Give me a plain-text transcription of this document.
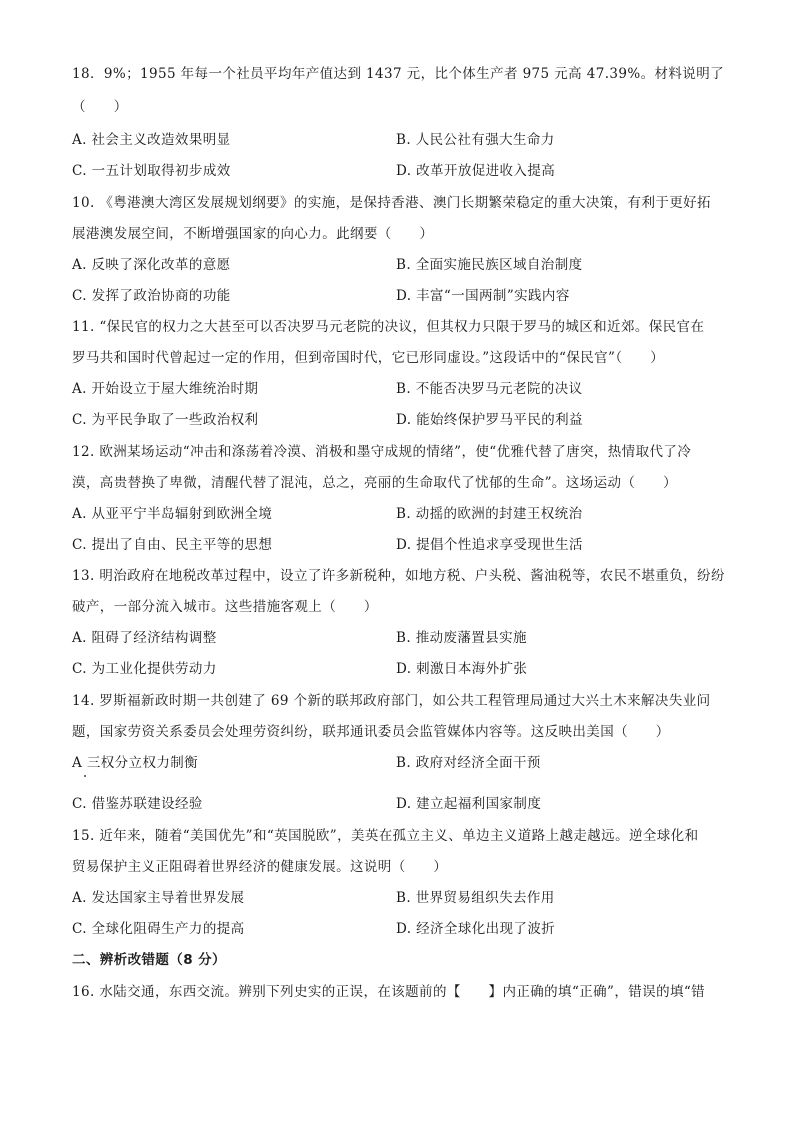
18．9%；1955 年每一个社员平均年产值达到 1437 元，比个体生产者 975 元高 47.39%。材料说明了
（　　）
A. 社会主义改造效果明显	B. 人民公社有强大生命力
C. 一五计划取得初步成效	D. 改革开放促进收入提高
10. 《粤港澳大湾区发展规划纲要》的实施，是保持香港、澳门长期繁荣稳定的重大决策，有利于更好拓
展港澳发展空间，不断增强国家的向心力。此纲要（　　）
A. 反映了深化改革的意愿	B. 全面实施民族区域自治制度
C. 发挥了政治协商的功能	D. 丰富“一国两制”实践内容
11. “保民官的权力之大甚至可以否决罗马元老院的决议，但其权力只限于罗马的城区和近郊。保民官在
罗马共和国时代曾起过一定的作用，但到帝国时代，它已形同虚设。”这段话中的“保民官”（　　）
A. 开始设立于屋大维统治时期	B. 不能否决罗马元老院的决议
C. 为平民争取了一些政治权利	D. 能始终保护罗马平民的利益
12. 欧洲某场运动“冲击和涤荡着冷漠、消极和墨守成规的情绪”，使“优雅代替了唐突，热情取代了冷
漠，高贵替换了卑微，清醒代替了混沌，总之，亮丽的生命取代了忧郁的生命”。这场运动（　　）
A. 从亚平宁半岛辐射到欧洲全境	B. 动摇的欧洲的封建王权统治
C. 提出了自由、民主平等的思想	D. 提倡个性追求享受现世生活
13. 明治政府在地税改革过程中，设立了许多新税种，如地方税、户头税、酱油税等，农民不堪重负，纷纷
破产，一部分流入城市。这些措施客观上（　　）
A. 阻碍了经济结构调整	B. 推动废藩置县实施
C. 为工业化提供劳动力	D. 刺激日本海外扩张
14. 罗斯福新政时期一共创建了 69 个新的联邦政府部门，如公共工程管理局通过大兴土木来解决失业问
题，国家劳资关系委员会处理劳资纠纷，联邦通讯委员会监管媒体内容等。这反映出美国（　　）
A 三权分立权力制衡	B. 政府对经济全面干预
C. 借鉴苏联建设经验	D. 建立起福利国家制度
15. 近年来，随着“美国优先”和“英国脱欧”，美英在孤立主义、单边主义道路上越走越远。逆全球化和
贸易保护主义正阻碍着世界经济的健康发展。这说明（　　）
A. 发达国家主导着世界发展	B. 世界贸易组织失去作用
C. 全球化阻碍生产力的提高	D. 经济全球化出现了波折
二、辨析改错题（8 分）
16. 水陆交通，东西交流。辨别下列史实的正误，在该题前的【　　】内正确的填“正确”，错误的填“错
